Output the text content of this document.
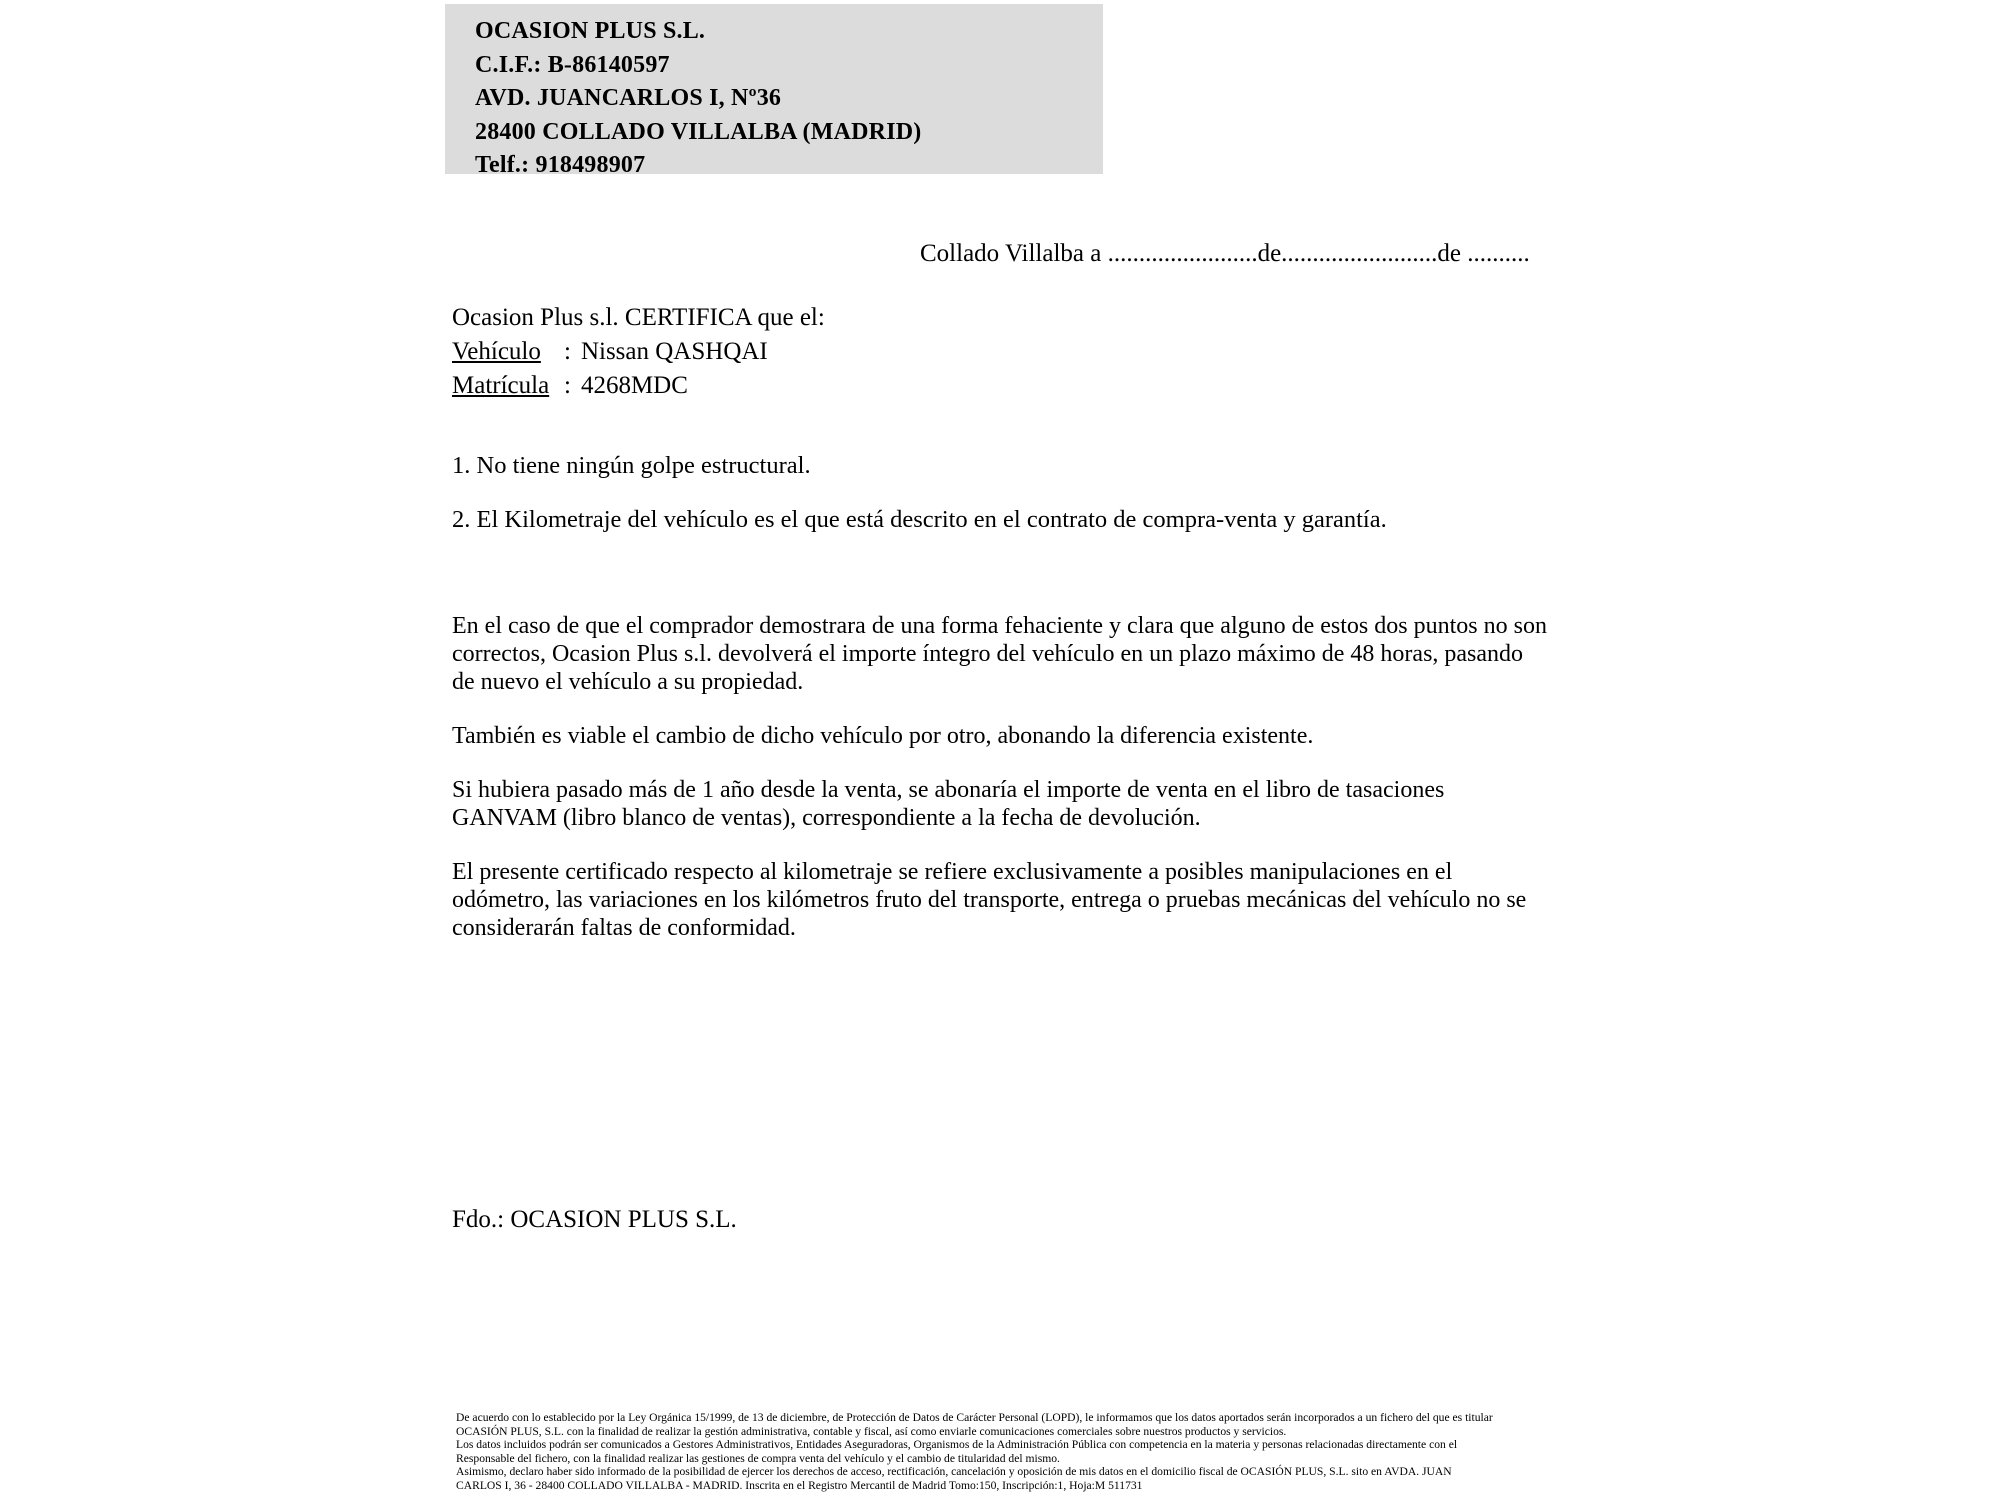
OCASION PLUS S.L.
C.I.F.: B-86140597
AVD. JUANCARLOS I, Nº36
28400 COLLADO VILLALBA (MADRID)
Telf.: 918498907
Collado Villalba a ........................de.........................de ..........
Ocasion Plus s.l. CERTIFICA que el:
Vehículo : Nissan QASHQAI
Matrícula : 4268MDC
1. No tiene ningún golpe estructural.
2. El Kilometraje del vehículo es el que está descrito en el contrato de compra-venta y garantía.

En el caso de que el comprador demostrara de una forma fehaciente y clara que alguno de estos dos puntos no son correctos, Ocasion Plus s.l. devolverá el importe íntegro del vehículo en un plazo máximo de 48 horas, pasando de nuevo el vehículo a su propiedad.

También es viable el cambio de dicho vehículo por otro, abonando la diferencia existente.

Si hubiera pasado más de 1 año desde la venta, se abonaría el importe de venta en el libro de tasaciones GANVAM (libro blanco de ventas), correspondiente a la fecha de devolución.

El presente certificado respecto al kilometraje se refiere exclusivamente a posibles manipulaciones en el odómetro, las variaciones en los kilómetros fruto del transporte, entrega o pruebas mecánicas del vehículo no se considerarán faltas de conformidad.

Fdo.: OCASION PLUS S.L.
De acuerdo con lo establecido por la Ley Orgánica 15/1999, de 13 de diciembre, de Protección de Datos de Carácter Personal (LOPD), le informamos que los datos aportados serán incorporados a un fichero del que es titular
OCASIÓN PLUS, S.L. con la finalidad de realizar la gestión administrativa, contable y fiscal, así como enviarle comunicaciones comerciales sobre nuestros productos y servicios.
Los datos incluidos podrán ser comunicados a Gestores Administrativos, Entidades Aseguradoras, Organismos de la Administración Pública con competencia en la materia y personas relacionadas directamente con el
Responsable del fichero, con la finalidad realizar las gestiones de compra venta del vehículo y el cambio de titularidad del mismo.
Asimismo, declaro haber sido informado de la posibilidad de ejercer los derechos de acceso, rectificación, cancelación y oposición de mis datos en el domicilio fiscal de OCASIÓN PLUS, S.L. sito en AVDA. JUAN
CARLOS I, 36 - 28400 COLLADO VILLALBA - MADRID. Inscrita en el Registro Mercantil de Madrid Tomo:150, Inscripción:1, Hoja:M 511731
